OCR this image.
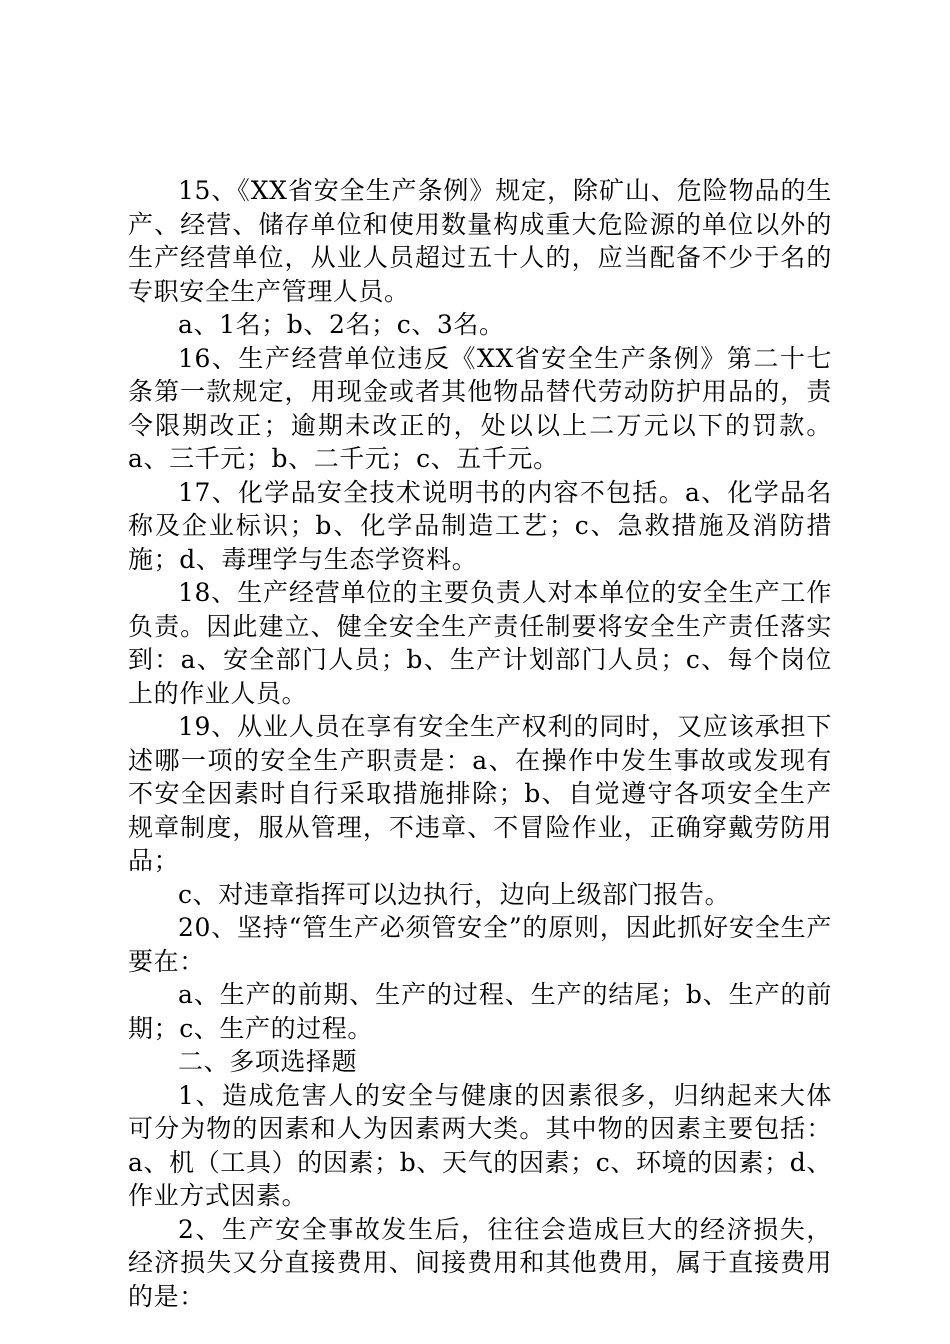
15、《XX省安全生产条例》规定，除矿山、危险物品的生产、经营、储存单位和使用数量构成重大危险源的单位以外的生产经营单位，从业人员超过五十人的，应当配备不少于名的专职安全生产管理人员。

a、1名；b、2名；c、3名。

16、生产经营单位违反《XX省安全生产条例》第二十七条第一款规定，用现金或者其他物品替代劳动防护用品的，责令限期改正；逾期未改正的，处以以上二万元以下的罚款。a、三千元；b、二千元；c、五千元。

17、化学品安全技术说明书的内容不包括。a、化学品名称及企业标识；b、化学品制造工艺；c、急救措施及消防措施；d、毒理学与生态学资料。

18、生产经营单位的主要负责人对本单位的安全生产工作负责。因此建立、健全安全生产责任制要将安全生产责任落实到：a、安全部门人员；b、生产计划部门人员；c、每个岗位上的作业人员。

19、从业人员在享有安全生产权利的同时，又应该承担下述哪一项的安全生产职责是：a、在操作中发生事故或发现有不安全因素时自行采取措施排除；b、自觉遵守各项安全生产规章制度，服从管理，不违章、不冒险作业，正确穿戴劳防用品；

c、对违章指挥可以边执行，边向上级部门报告。

20、坚持“管生产必须管安全”的原则，因此抓好安全生产要在：

a、生产的前期、生产的过程、生产的结尾；b、生产的前期；c、生产的过程。

二、多项选择题

1、造成危害人的安全与健康的因素很多，归纳起来大体可分为物的因素和人为因素两大类。其中物的因素主要包括：a、机（工具）的因素；b、天气的因素；c、环境的因素；d、作业方式因素。

2、生产安全事故发生后，往往会造成巨大的经济损失，经济损失又分直接费用、间接费用和其他费用，属于直接费用的是：
